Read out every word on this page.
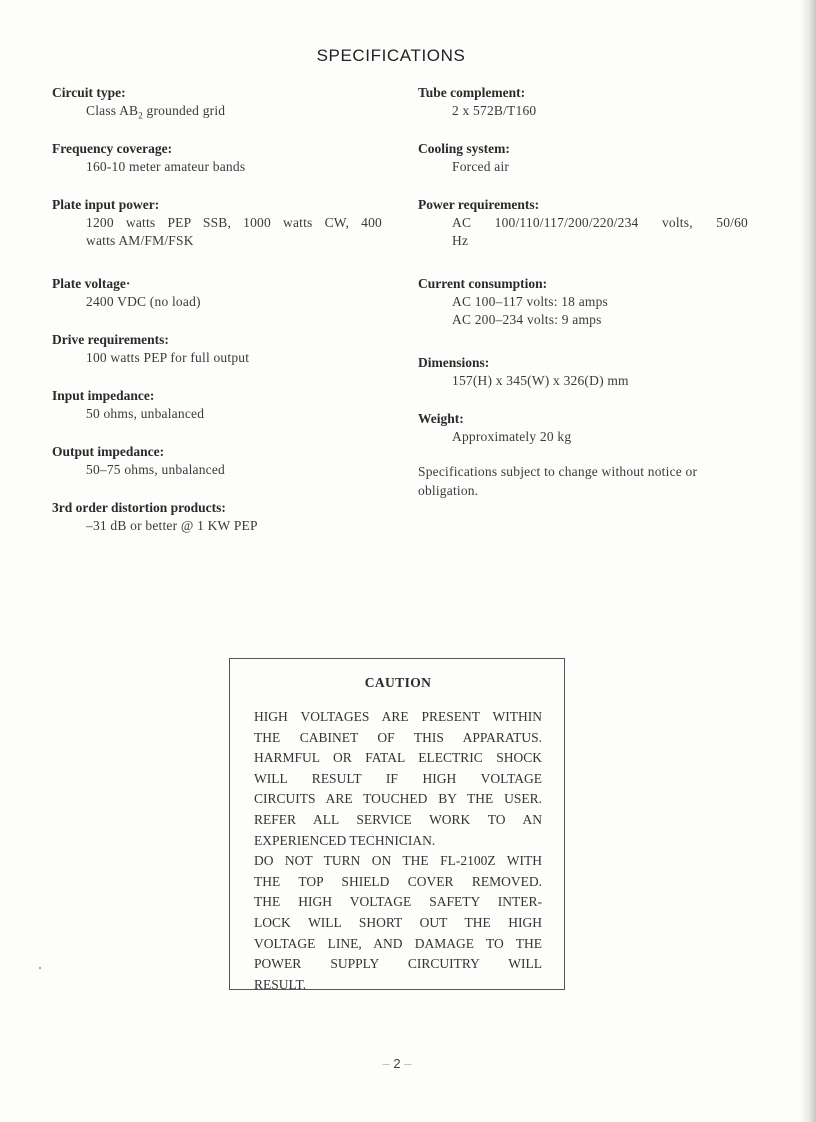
SPECIFICATIONS
Circuit type:
Class $AB_2$ grounded grid
Frequency coverage:
160-10 meter amateur bands
Plate input power:
1200 watts PEP SSB, 1000 watts CW, 400
watts AM/FM/FSK
Plate voltage·
2400 VDC (no load)
Drive requirements:
100 watts PEP for full output
Input impedance:
50 ohms, unbalanced
Output impedance:
50–75 ohms, unbalanced
3rd order distortion products:
–31 dB or better @ 1 KW PEP
Tube complement:
2 x 572B/T160
Cooling system:
Forced air
Power requirements:
AC 100/110/117/200/220/234 volts, 50/60
Hz
Current consumption:
AC 100–117 volts: 18 amps
AC 200–234 volts: 9 amps
Dimensions:
157(H) x 345(W) x 326(D) mm
Weight:
Approximately 20 kg
Specifications subject to change without notice or
obligation.
CAUTION
HIGH VOLTAGES ARE PRESENT WITHIN
THE CABINET OF THIS APPARATUS.
HARMFUL OR FATAL ELECTRIC SHOCK
WILL RESULT IF HIGH VOLTAGE
CIRCUITS ARE TOUCHED BY THE USER.
REFER ALL SERVICE WORK TO AN
EXPERIENCED TECHNICIAN.
DO NOT TURN ON THE FL-2100Z WITH
THE TOP SHIELD COVER REMOVED.
THE HIGH VOLTAGE SAFETY INTER-
LOCK WILL SHORT OUT THE HIGH
VOLTAGE LINE, AND DAMAGE TO THE
POWER SUPPLY CIRCUITRY WILL
RESULT.
– 2 –
